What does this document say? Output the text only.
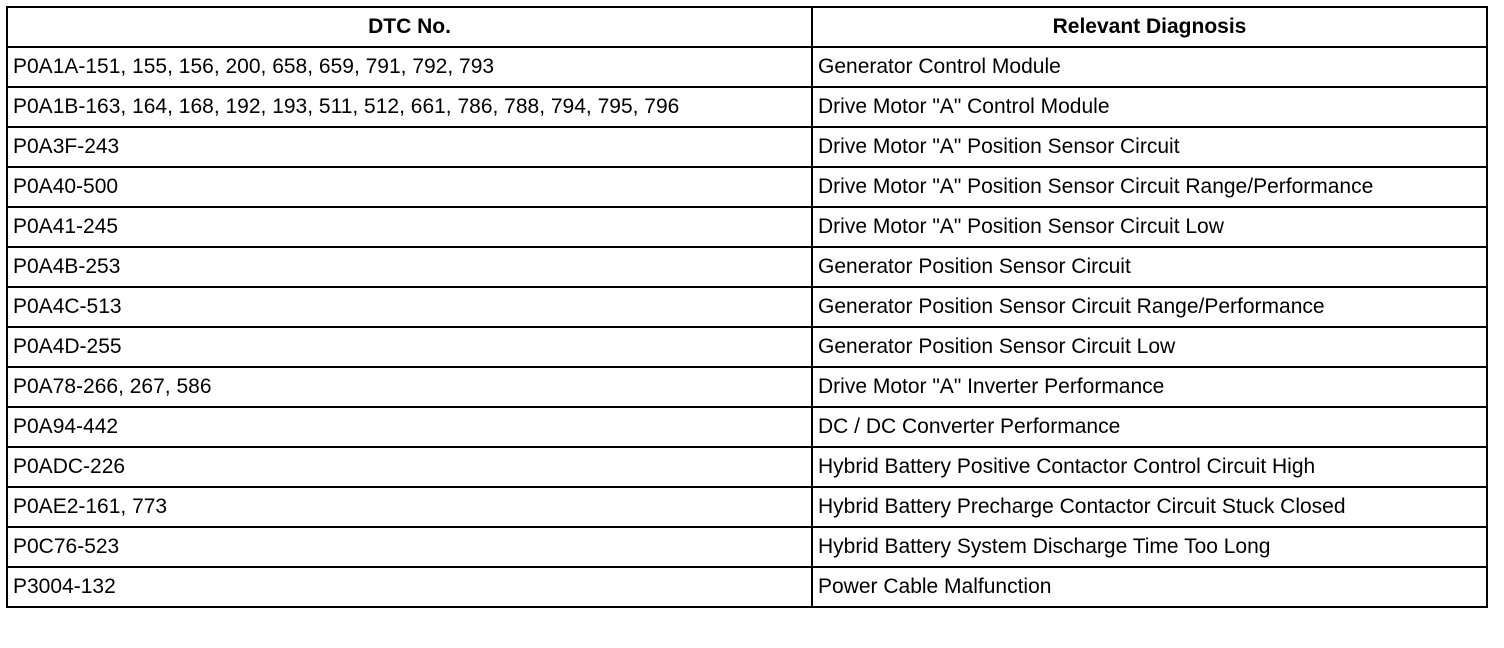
DTC No.	Relevant Diagnosis
P0A1A-151, 155, 156, 200, 658, 659, 791, 792, 793	Generator Control Module
P0A1B-163, 164, 168, 192, 193, 511, 512, 661, 786, 788, 794, 795, 796	Drive Motor "A" Control Module
P0A3F-243	Drive Motor "A" Position Sensor Circuit
P0A40-500	Drive Motor "A" Position Sensor Circuit Range/Performance
P0A41-245	Drive Motor "A" Position Sensor Circuit Low
P0A4B-253	Generator Position Sensor Circuit
P0A4C-513	Generator Position Sensor Circuit Range/Performance
P0A4D-255	Generator Position Sensor Circuit Low
P0A78-266, 267, 586	Drive Motor "A" Inverter Performance
P0A94-442	DC / DC Converter Performance
P0ADC-226	Hybrid Battery Positive Contactor Control Circuit High
P0AE2-161, 773	Hybrid Battery Precharge Contactor Circuit Stuck Closed
P0C76-523	Hybrid Battery System Discharge Time Too Long
P3004-132	Power Cable Malfunction
